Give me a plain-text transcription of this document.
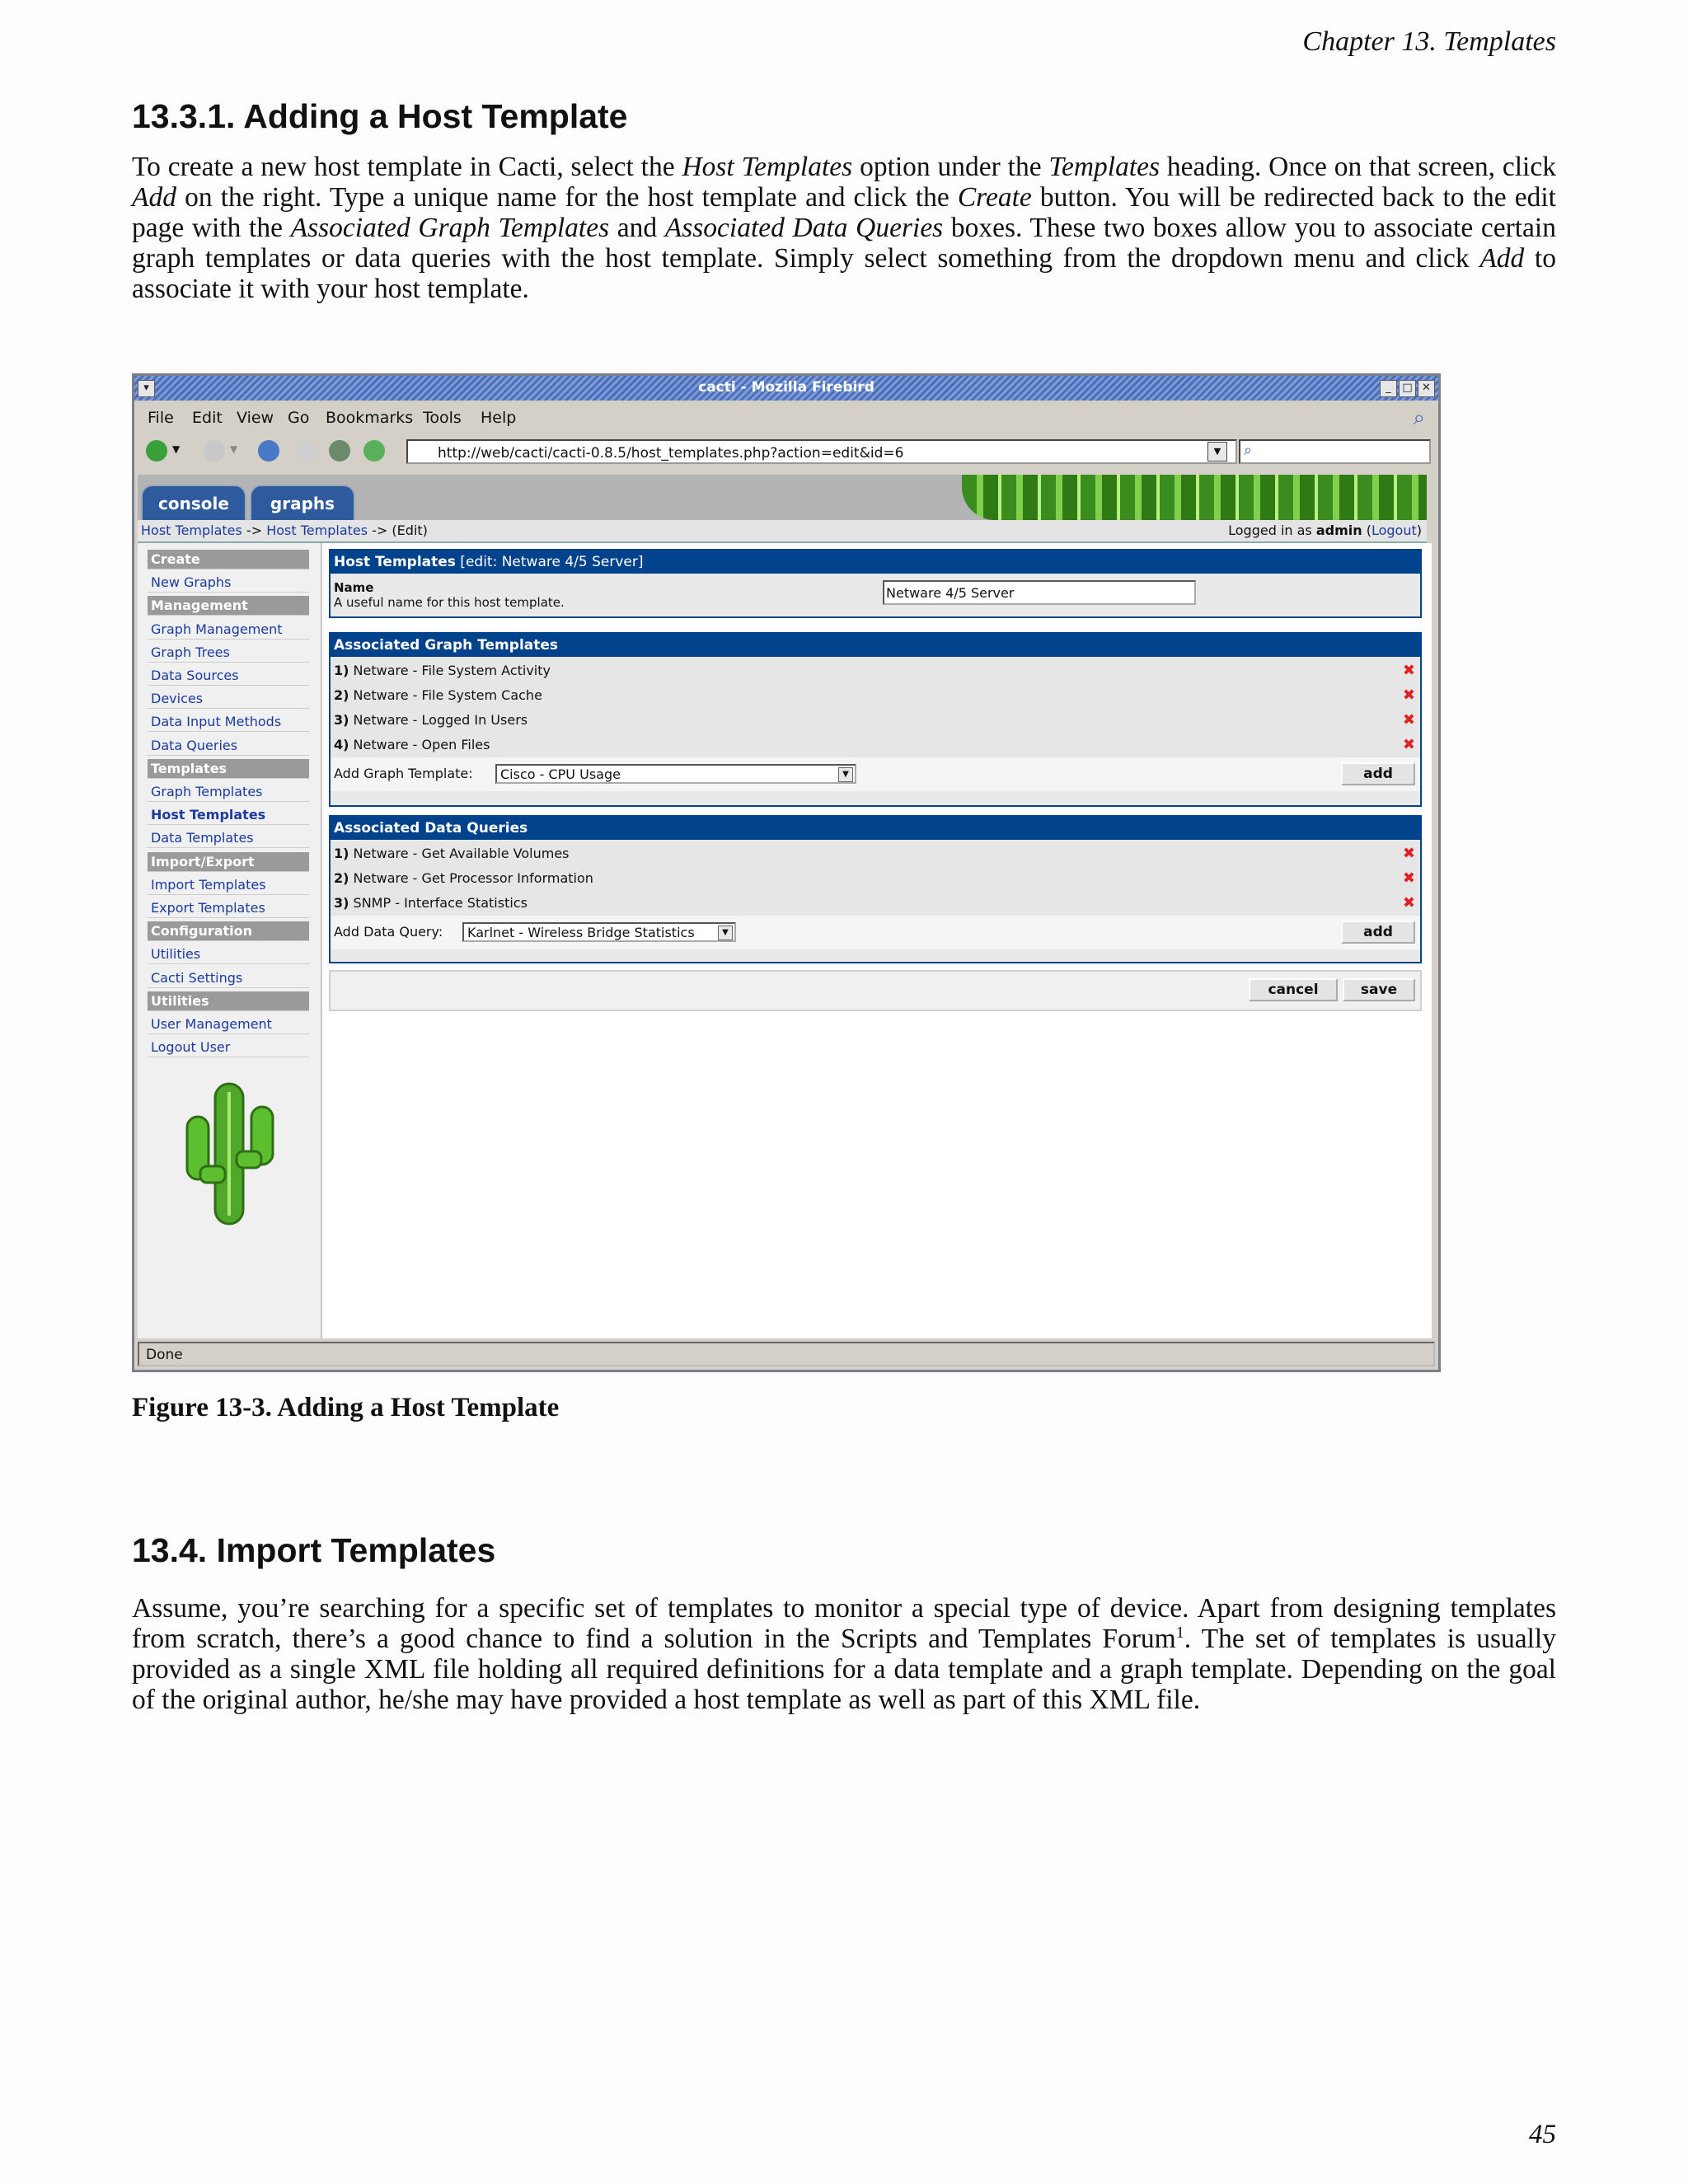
Chapter 13. Templates
13.3.1. Adding a Host Template

To create a new host template in Cacti, select the Host Templates option under the Templates heading. Once on that screen, click Add on the right. Type a unique name for the host template and click the Create button. You will be redirected back to the edit page with the Associated Graph Templates and Associated Data Queries boxes. These two boxes allow you to associate certain graph templates or data queries with the host template. Simply select something from the dropdown menu and click Add to associate it with your host template.

▾	cacti - Mozilla Firebird	_	□ ✕
File Edit View Go Bookmarks Tools Help	⌕
▼	▼	http://web/cacti/cacti-0.8.5/host_templates.php?action=edit&id=6	▼	⌕
console	graphs
Host Templates -> Host Templates -> (Edit)	Logged in as admin (Logout)
Create
New Graphs
Management
Graph Management
Graph Trees
Data Sources
Devices
Data Input Methods
Data Queries
Templates
Graph Templates
Host Templates
Data Templates
Import/Export
Import Templates
Export Templates
Configuration
Utilities
Cacti Settings
Utilities
User Management
Logout User
Host Templates [edit: Netware 4/5 Server]
Name
A useful name for this host template.
Netware 4/5 Server
Associated Graph Templates
1) Netware - File System Activity	✖
2) Netware - File System Cache	✖
3) Netware - Logged In Users	✖
4) Netware - Open Files	✖
Add Graph Template:	Cisco - CPU Usage	▼	add
Associated Data Queries
1) Netware - Get Available Volumes	✖
2) Netware - Get Processor Information	✖
3) SNMP - Interface Statistics	✖
Add Data Query:	Karlnet - Wireless Bridge Statistics	▼	add
cancel	save
Done
Figure 13-3. Adding a Host Template
13.4. Import Templates

Assume, you’re searching for a specific set of templates to monitor a special type of device. Apart from designing templates from scratch, there’s a good chance to find a solution in the Scripts and Templates Forum$^1$. The set of templates is usually provided as a single XML file holding all required definitions for a data template and a graph template. Depending on the goal of the original author, he/she may have provided a host template as well as part of this XML file.

45
